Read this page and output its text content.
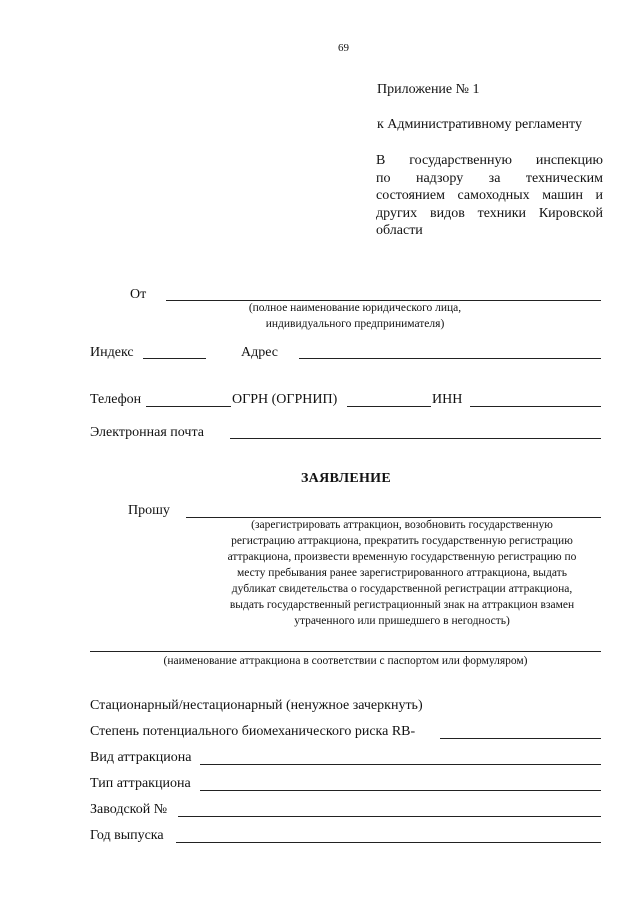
69
Приложение № 1
к Административному регламенту
В государственную инспекцию
по надзору за техническим
состоянием самоходных машин и
других видов техники Кировской
области
От
(полное наименование юридического лица,
индивидуального предпринимателя)
Индекс	Адрес
Телефон	ОГРН (ОГРНИП)	ИНН
Электронная почта
ЗАЯВЛЕНИЕ
Прошу
(зарегистрировать аттракцион, возобновить государственную
регистрацию аттракциона, прекратить государственную регистрацию
аттракциона, произвести временную государственную регистрацию по
месту пребывания ранее зарегистрированного аттракциона, выдать
дубликат свидетельства о государственной регистрации аттракциона,
выдать государственный регистрационный знак на аттракцион взамен
утраченного или пришедшего в негодность)
(наименование аттракциона в соответствии с паспортом или формуляром)
Стационарный/нестационарный (ненужное зачеркнуть)
Степень потенциального биомеханического риска RB-
Вид аттракциона
Тип аттракциона
Заводской №
Год выпуска
